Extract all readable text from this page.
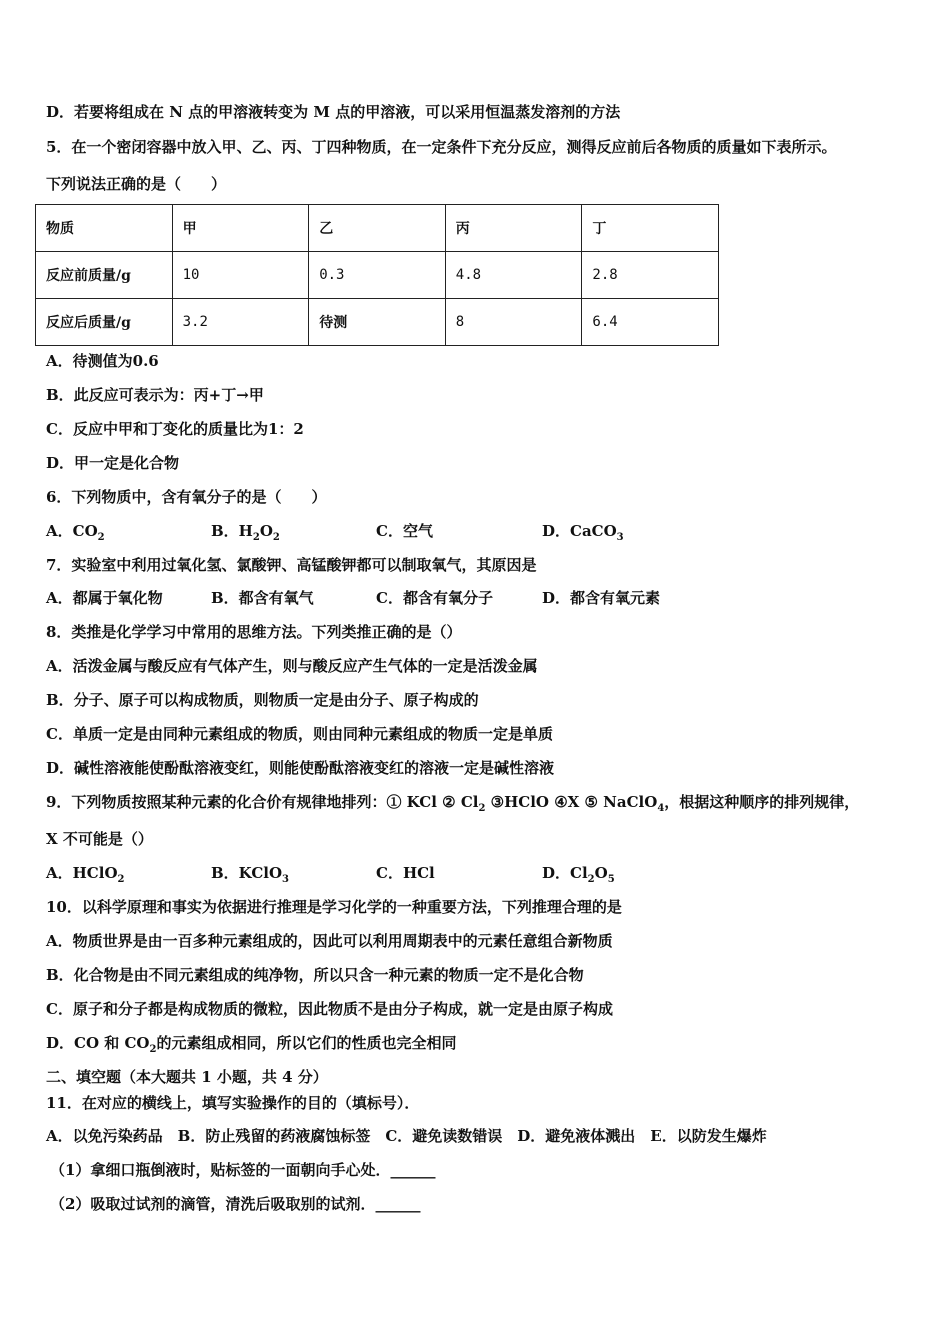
D．若要将组成在 N 点的甲溶液转变为 M 点的甲溶液，可以采用恒温蒸发溶剂的方法
5．在一个密闭容器中放入甲、乙、丙、丁四种物质，在一定条件下充分反应，测得反应前后各物质的质量如下表所示。
下列说法正确的是（　　）
物质	甲	乙	丙	丁
反应前质量/g	10	0.3	4.8	2.8
反应后质量/g	3.2	待测	8	6.4
A．待测值为0.6
B．此反应可表示为：丙+丁→甲
C．反应中甲和丁变化的质量比为1：2
D．甲一定是化合物
6．下列物质中，含有氧分子的是（　　）
A．$CO_2$	B．$H_2O_2$	C．空气	D．CaCO$_3$
7．实验室中利用过氧化氢、氯酸钾、高锰酸钾都可以制取氧气，其原因是
A．都属于氧化物	B．都含有氧气	C．都含有氧分子	D．都含有氧元素
8．类推是化学学习中常用的思维方法。下列类推正确的是（）
A．活泼金属与酸反应有气体产生，则与酸反应产生气体的一定是活泼金属
B．分子、原子可以构成物质，则物质一定是由分子、原子构成的
C．单质一定是由同种元素组成的物质，则由同种元素组成的物质一定是单质
D．碱性溶液能使酚酞溶液变红，则能使酚酞溶液变红的溶液一定是碱性溶液
9．下列物质按照某种元素的化合价有规律地排列：① KCl ② $Cl_2$ ③HClO ④X ⑤ NaClO$_4$，根据这种顺序的排列规律，
X 不可能是（）
A．HClO$_2$	B．KClO$_3$	C．HCl	D．$Cl_2O_5$
10．以科学原理和事实为依据进行推理是学习化学的一种重要方法，下列推理合理的是
A．物质世界是由一百多种元素组成的，因此可以利用周期表中的元素任意组合新物质
B．化合物是由不同元素组成的纯净物，所以只含一种元素的物质一定不是化合物
C．原子和分子都是构成物质的微粒，因此物质不是由分子构成，就一定是由原子构成
D．CO 和 $CO_2$的元素组成相同，所以它们的性质也完全相同
二、填空题（本大题共 1 小题，共 4 分）
11．在对应的横线上，填写实验操作的目的（填标号）．
A．以免污染药品　B．防止残留的药液腐蚀标签　C．避免读数错误　D．避免液体溅出　E．以防发生爆炸
（1）拿细口瓶倒液时，贴标签的一面朝向手心处．______
（2）吸取过试剂的滴管，清洗后吸取别的试剂．______
